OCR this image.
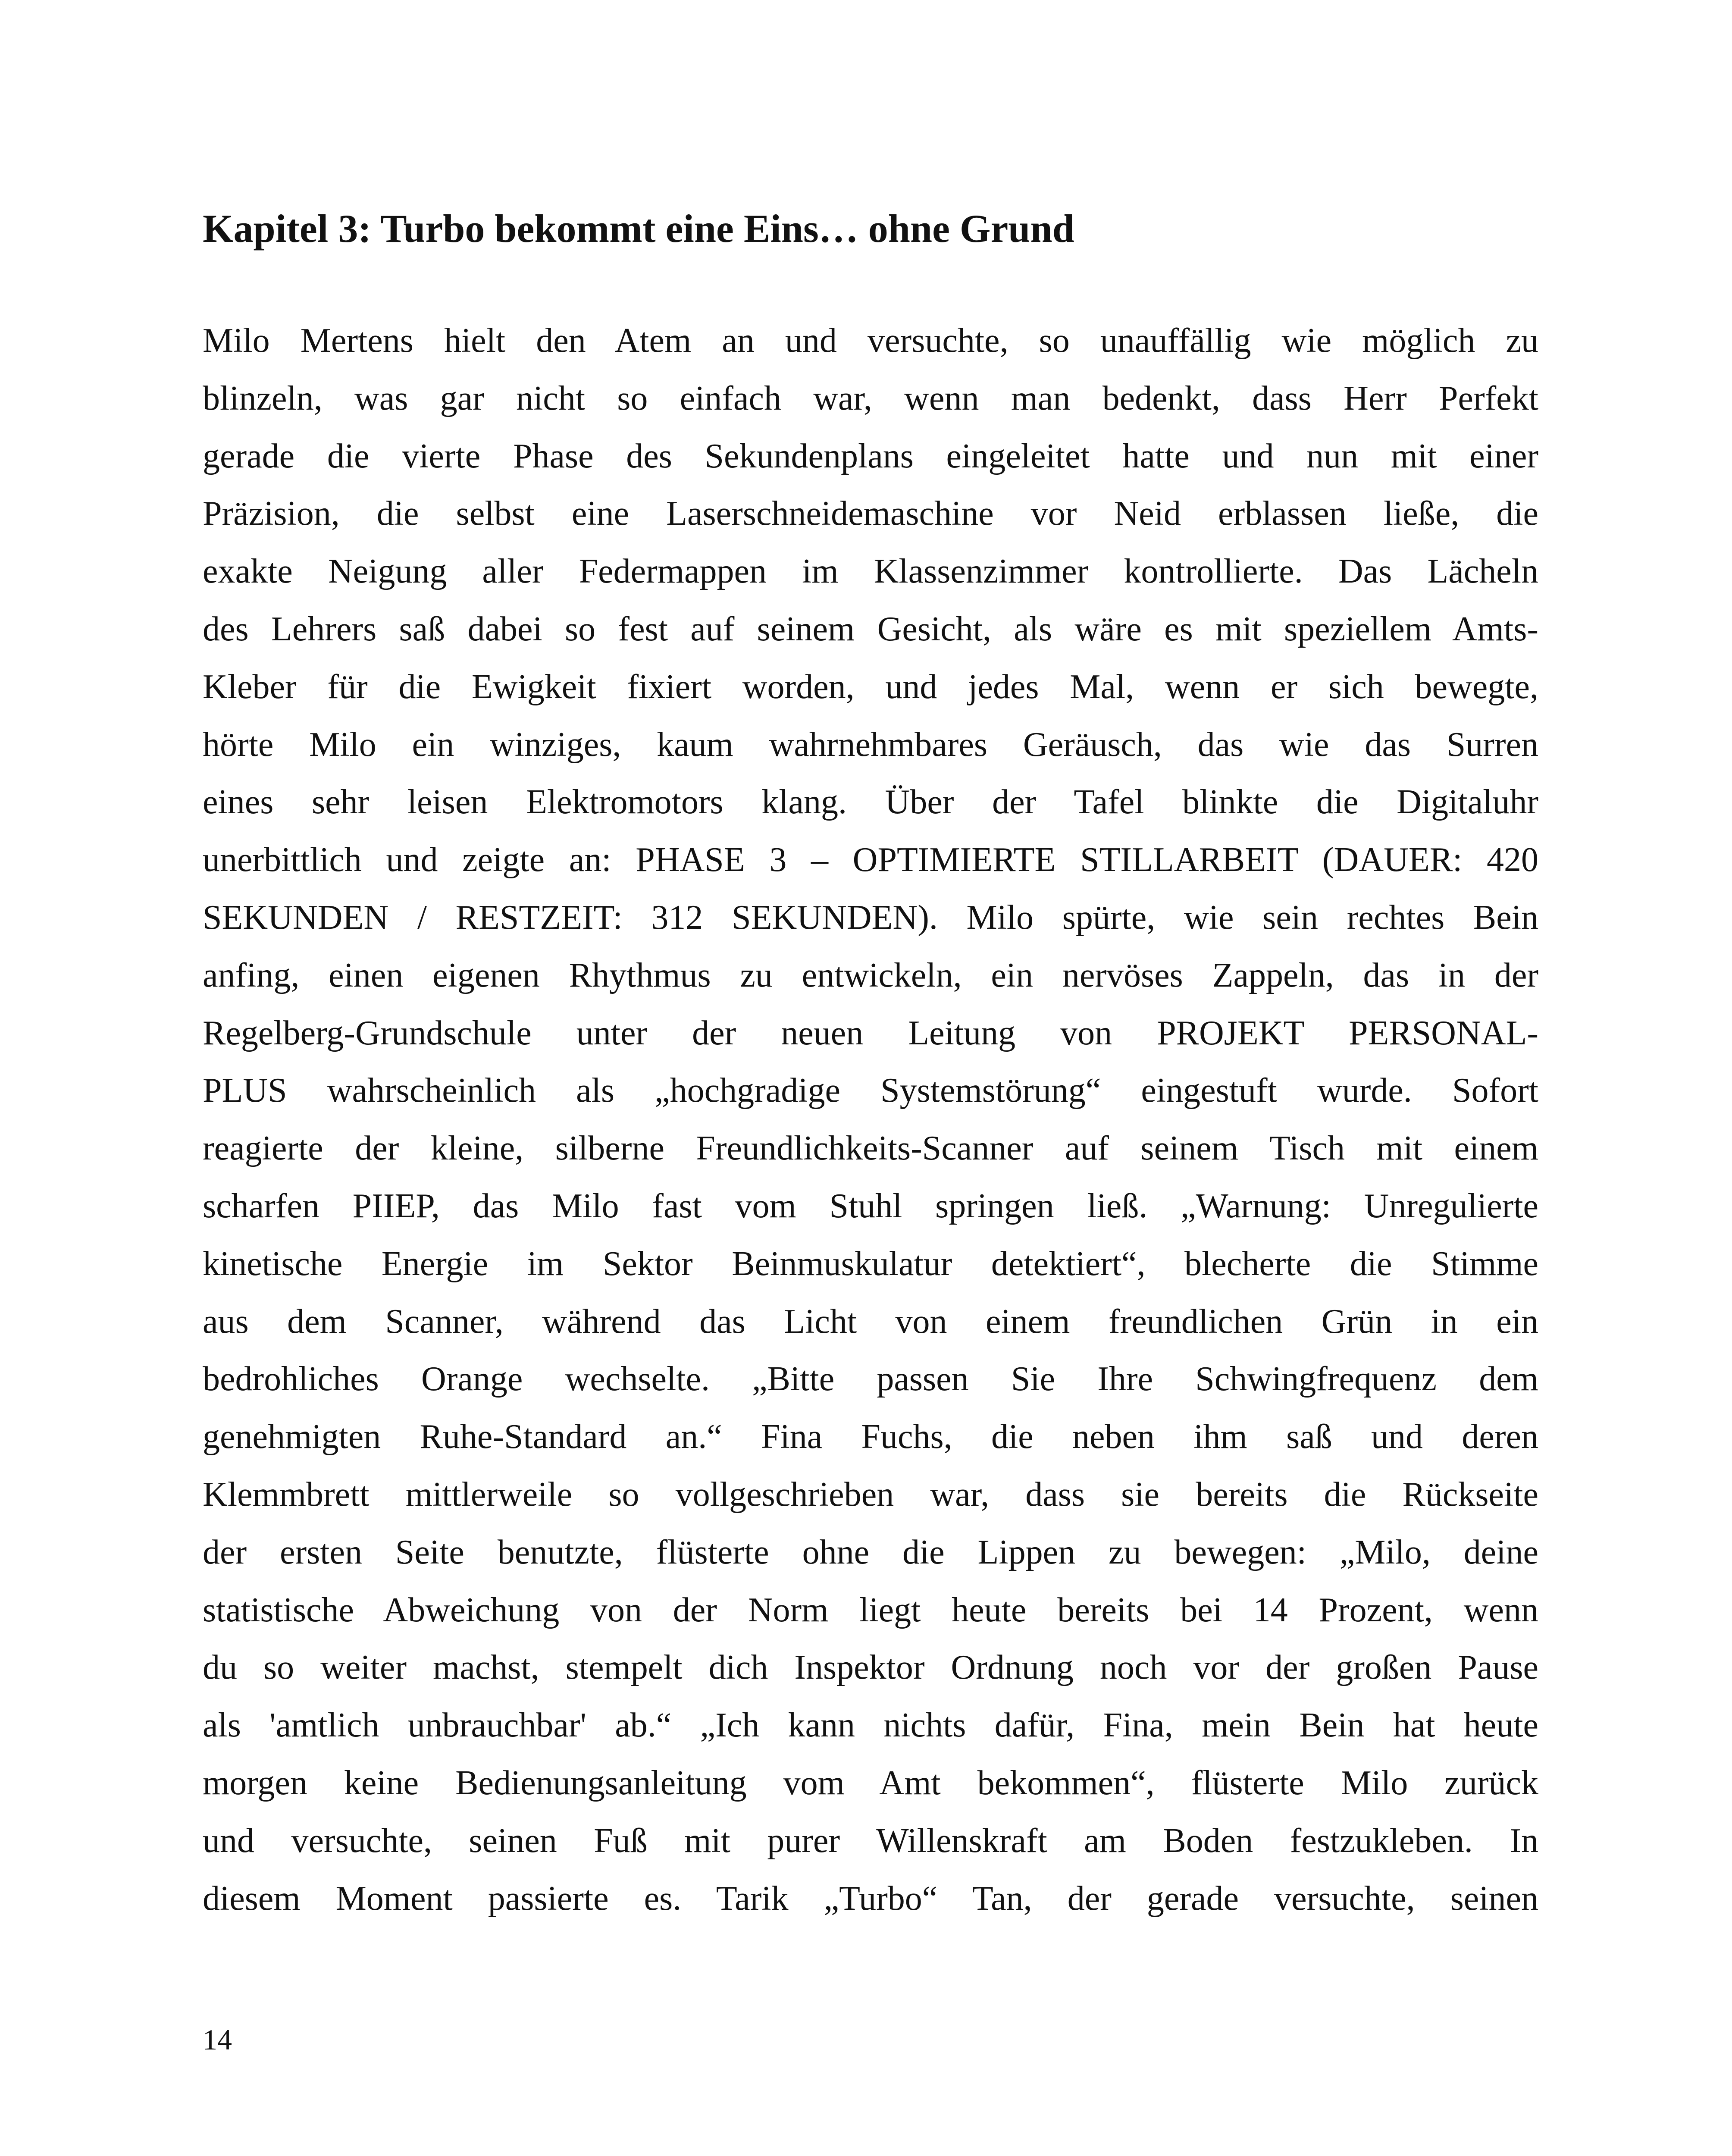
Kapitel 3: Turbo bekommt eine Eins… ohne Grund
Milo Mertens hielt den Atem an und versuchte, so unauffällig wie möglich zu
blinzeln, was gar nicht so einfach war, wenn man bedenkt, dass Herr Perfekt
gerade die vierte Phase des Sekundenplans eingeleitet hatte und nun mit einer
Präzision, die selbst eine Laserschneidemaschine vor Neid erblassen ließe, die
exakte Neigung aller Federmappen im Klassenzimmer kontrollierte. Das Lächeln
des Lehrers saß dabei so fest auf seinem Gesicht, als wäre es mit speziellem Amts-
Kleber für die Ewigkeit fixiert worden, und jedes Mal, wenn er sich bewegte,
hörte Milo ein winziges, kaum wahrnehmbares Geräusch, das wie das Surren
eines sehr leisen Elektromotors klang. Über der Tafel blinkte die Digitaluhr
unerbittlich und zeigte an: PHASE 3 – OPTIMIERTE STILLARBEIT (DAUER: 420
SEKUNDEN / RESTZEIT: 312 SEKUNDEN). Milo spürte, wie sein rechtes Bein
anfing, einen eigenen Rhythmus zu entwickeln, ein nervöses Zappeln, das in der
Regelberg-Grundschule unter der neuen Leitung von PROJEKT PERSONAL-
PLUS wahrscheinlich als „hochgradige Systemstörung“ eingestuft wurde. Sofort
reagierte der kleine, silberne Freundlichkeits-Scanner auf seinem Tisch mit einem
scharfen PIIEP, das Milo fast vom Stuhl springen ließ. „Warnung: Unregulierte
kinetische Energie im Sektor Beinmuskulatur detektiert“, blecherte die Stimme
aus dem Scanner, während das Licht von einem freundlichen Grün in ein
bedrohliches Orange wechselte. „Bitte passen Sie Ihre Schwingfrequenz dem
genehmigten Ruhe-Standard an.“ Fina Fuchs, die neben ihm saß und deren
Klemmbrett mittlerweile so vollgeschrieben war, dass sie bereits die Rückseite
der ersten Seite benutzte, flüsterte ohne die Lippen zu bewegen: „Milo, deine
statistische Abweichung von der Norm liegt heute bereits bei 14 Prozent, wenn
du so weiter machst, stempelt dich Inspektor Ordnung noch vor der großen Pause
als 'amtlich unbrauchbar' ab.“ „Ich kann nichts dafür, Fina, mein Bein hat heute
morgen keine Bedienungsanleitung vom Amt bekommen“, flüsterte Milo zurück
und versuchte, seinen Fuß mit purer Willenskraft am Boden festzukleben. In
diesem Moment passierte es. Tarik „Turbo“ Tan, der gerade versuchte, seinen
14
